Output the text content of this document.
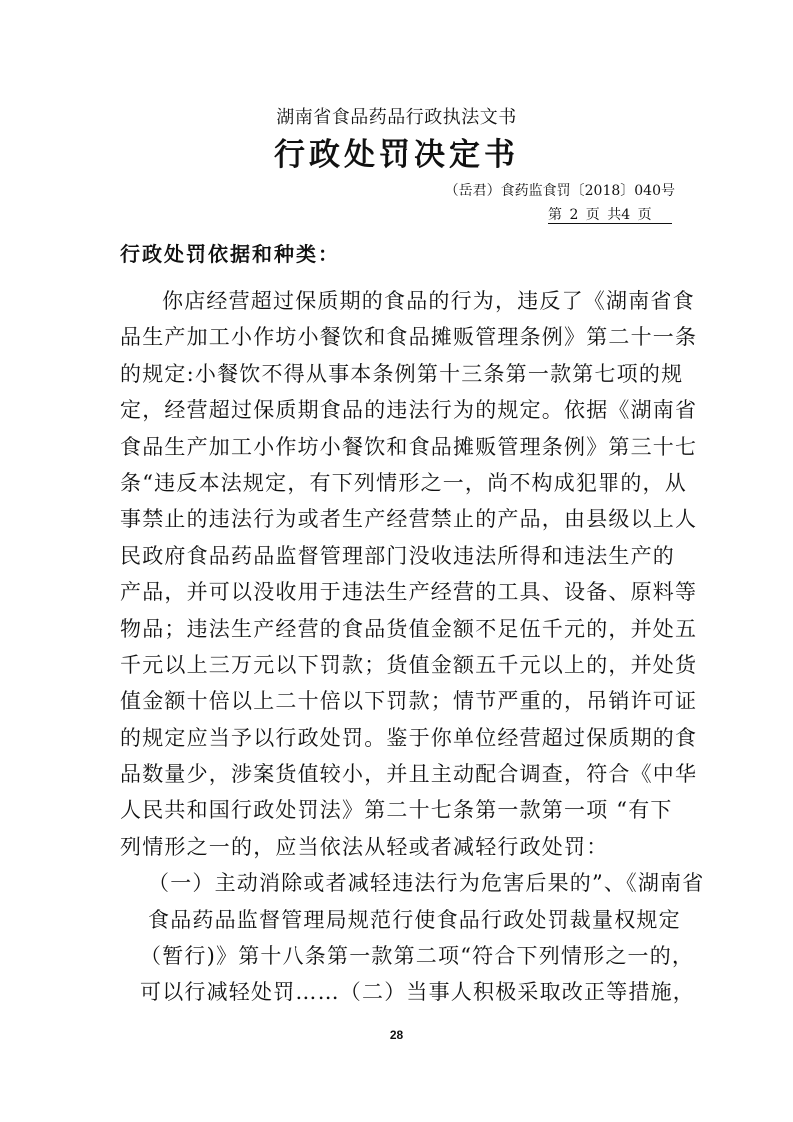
湖南省食品药品行政执法文书
行政处罚决定书
（岳君）食药监食罚〔2018〕040号
第 2 页 共4 页
行政处罚依据和种类：
你店经营超过保质期的食品的行为，违反了《湖南省食
品生产加工小作坊小餐饮和食品摊贩管理条例》第二十一条
的规定:小餐饮不得从事本条例第十三条第一款第七项的规
定，经营超过保质期食品的违法行为的规定。依据《湖南省
食品生产加工小作坊小餐饮和食品摊贩管理条例》第三十七
条“违反本法规定，有下列情形之一，尚不构成犯罪的，从
事禁止的违法行为或者生产经营禁止的产品，由县级以上人
民政府食品药品监督管理部门没收违法所得和违法生产的
产品，并可以没收用于违法生产经营的工具、设备、原料等
物品；违法生产经营的食品货值金额不足伍千元的，并处五
千元以上三万元以下罚款；货值金额五千元以上的，并处货
值金额十倍以上二十倍以下罚款；情节严重的，吊销许可证
的规定应当予以行政处罚。鉴于你单位经营超过保质期的食
品数量少，涉案货值较小，并且主动配合调查，符合《中华
人民共和国行政处罚法》第二十七条第一款第一项 “有下
列情形之一的，应当依法从轻或者减轻行政处罚：
（一）主动消除或者减轻违法行为危害后果的”、《湖南省
食品药品监督管理局规范行使食品行政处罚裁量权规定
（暂行)》第十八条第一款第二项“符合下列情形之一的，
可以行减轻处罚……（二）当事人积极采取改正等措施，
28
